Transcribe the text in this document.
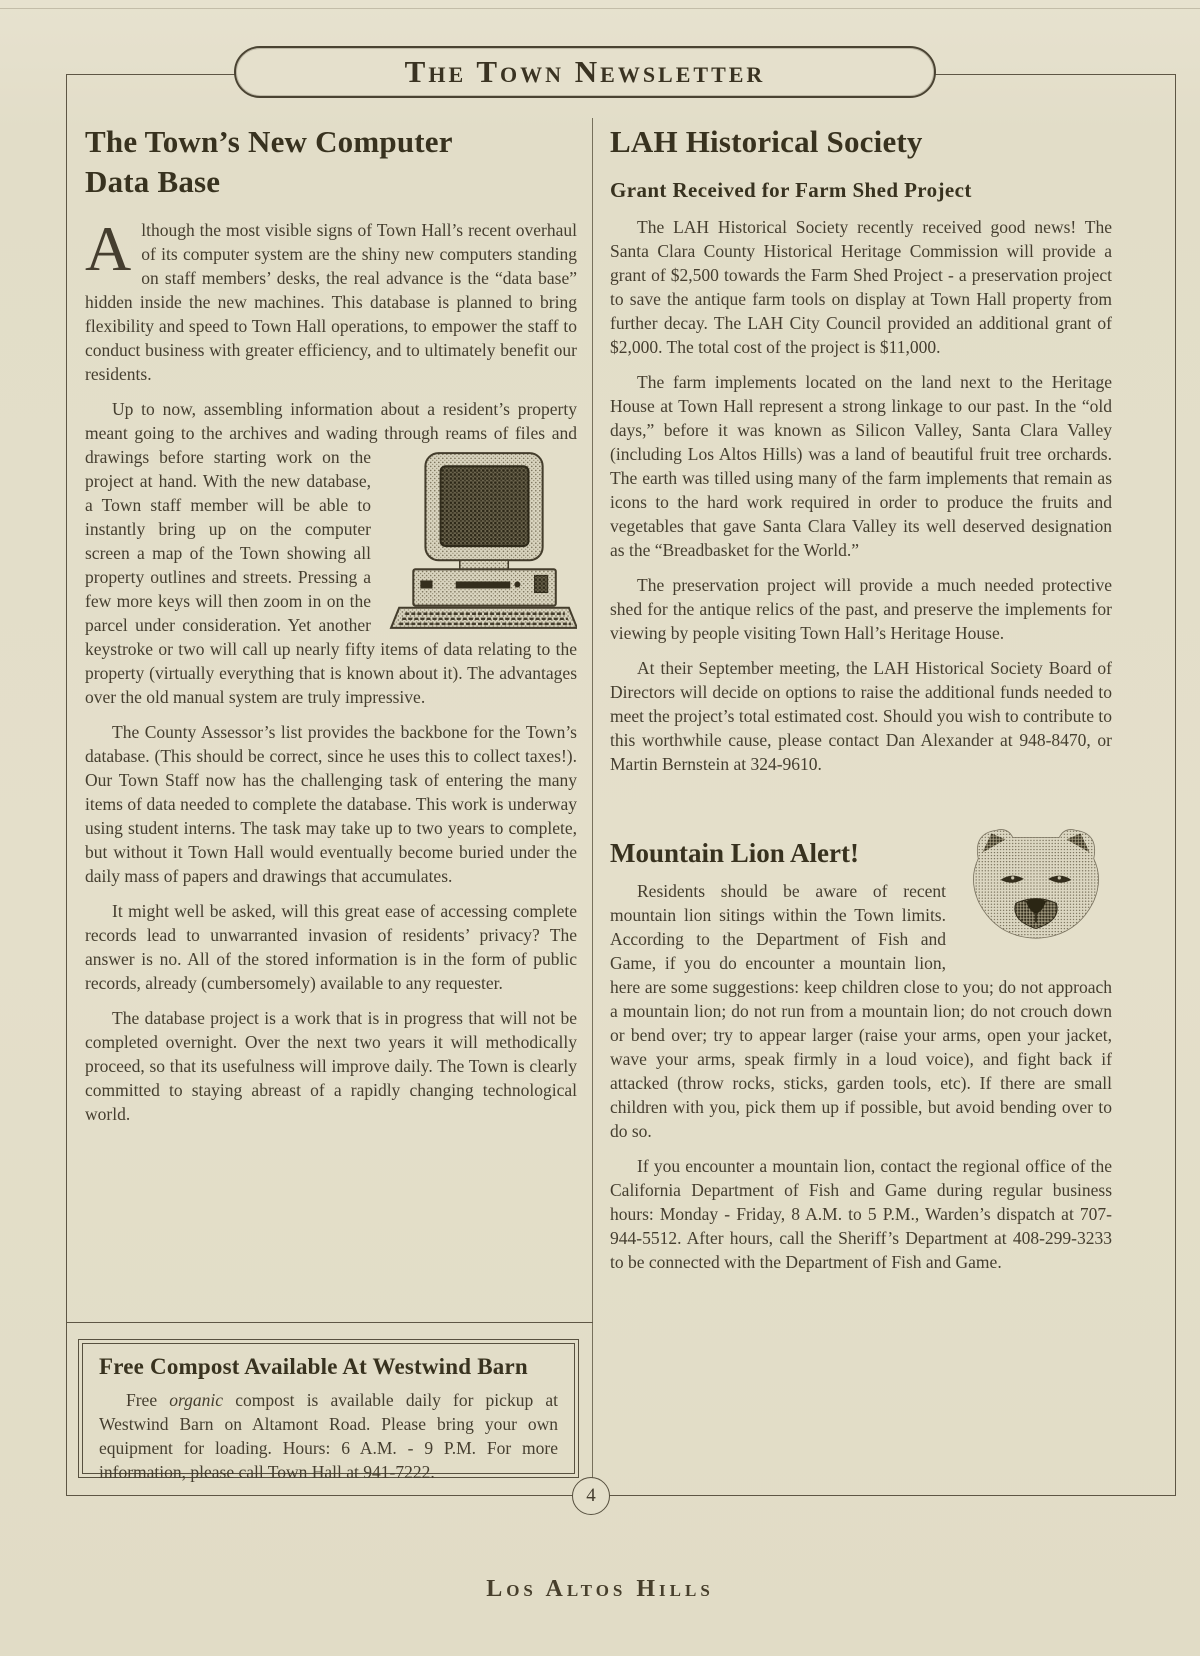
The Town Newsletter
The Town’s New Computer
Data Base

Although the most visible signs of Town Hall’s recent overhaul of its computer system are the shiny new computers standing on staff members’ desks, the real advance is the “data base” hidden inside the new machines. This database is planned to bring flexibility and speed to Town Hall operations, to empower the staff to conduct business with greater efficiency, and to ultimately benefit our residents.

Up to now, assembling information about a resident’s property meant going to the archives and wading through
reams of files and drawings before starting work on the project at hand. With the new database, a Town staff member will be able to instantly bring up on the computer screen a map of the Town showing all property outlines and streets. Pressing a few more keys will then zoom in on the parcel under consideration. Yet another keystroke or two will call up nearly fifty items of data relating to the property (virtually everything that is known about it). The advantages over the old manual system are truly impressive.

The County Assessor’s list provides the backbone for the Town’s database. (This should be correct, since he uses this to collect taxes!). Our Town Staff now has the challenging task of entering the many items of data needed to complete the database. This work is underway using student interns. The task may take up to two years to complete, but without it Town Hall would eventually become buried under the daily mass of papers and drawings that accumulates.

It might well be asked, will this great ease of accessing complete records lead to unwarranted invasion of residents’ privacy? The answer is no. All of the stored information is in the form of public records, already (cumbersomely) available to any requester.

The database project is a work that is in progress that will not be completed overnight. Over the next two years it will methodically proceed, so that its usefulness will improve daily. The Town is clearly committed to staying abreast of a rapidly changing technological world.

LAH Historical Society
Grant Received for Farm Shed Project

The LAH Historical Society recently received good news! The Santa Clara County Historical Heritage Commission will provide a grant of $2,500 towards the Farm Shed Project - a preservation project to save the antique farm tools on display at Town Hall property from further decay. The LAH City Council provided an additional grant of $2,000. The total cost of the project is $11,000.

The farm implements located on the land next to the Heritage House at Town Hall represent a strong linkage to our past. In the “old days,” before it was known as Silicon Valley, Santa Clara Valley (including Los Altos Hills) was a land of beautiful fruit tree orchards. The earth was tilled using many of the farm implements that remain as icons to the hard work required in order to produce the fruits and vegetables that gave Santa Clara Valley its well deserved designation as the “Breadbasket for the World.”

The preservation project will provide a much needed protective shed for the antique relics of the past, and preserve the implements for viewing by people visiting Town Hall’s Heritage House.

At their September meeting, the LAH Historical Society Board of Directors will decide on options to raise the additional funds needed to meet the project’s total estimated cost. Should you wish to contribute to this worthwhile cause, please contact Dan Alexander at 948-8470, or Martin Bernstein at 324-9610.

Mountain Lion Alert!

Residents should be aware of recent mountain lion sitings within the Town limits. According to the Department of Fish and Game, if you do encounter a mountain lion, here are some suggestions: keep children close to you; do not approach a mountain lion; do not run from a mountain lion; do not crouch down or bend over; try to appear larger (raise your arms, open your jacket, wave your arms, speak firmly in a loud voice), and fight back if attacked (throw rocks, sticks, garden tools, etc). If there are small children with you, pick them up if possible, but avoid bending over to do so.

If you encounter a mountain lion, contact the regional office of the California Department of Fish and Game during regular business hours: Monday - Friday, 8 A.M. to 5 P.M., Warden’s dispatch at 707-944-5512. After hours, call the Sheriff’s Department at 408-299-3233 to be connected with the Department of Fish and Game.

Free Compost Available At Westwind Barn

Free organic compost is available daily for pickup at Westwind Barn on Altamont Road. Please bring your own equipment for loading. Hours: 6 A.M. - 9 P.M. For more information, please call Town Hall at 941-7222.

4
Los Altos Hills
